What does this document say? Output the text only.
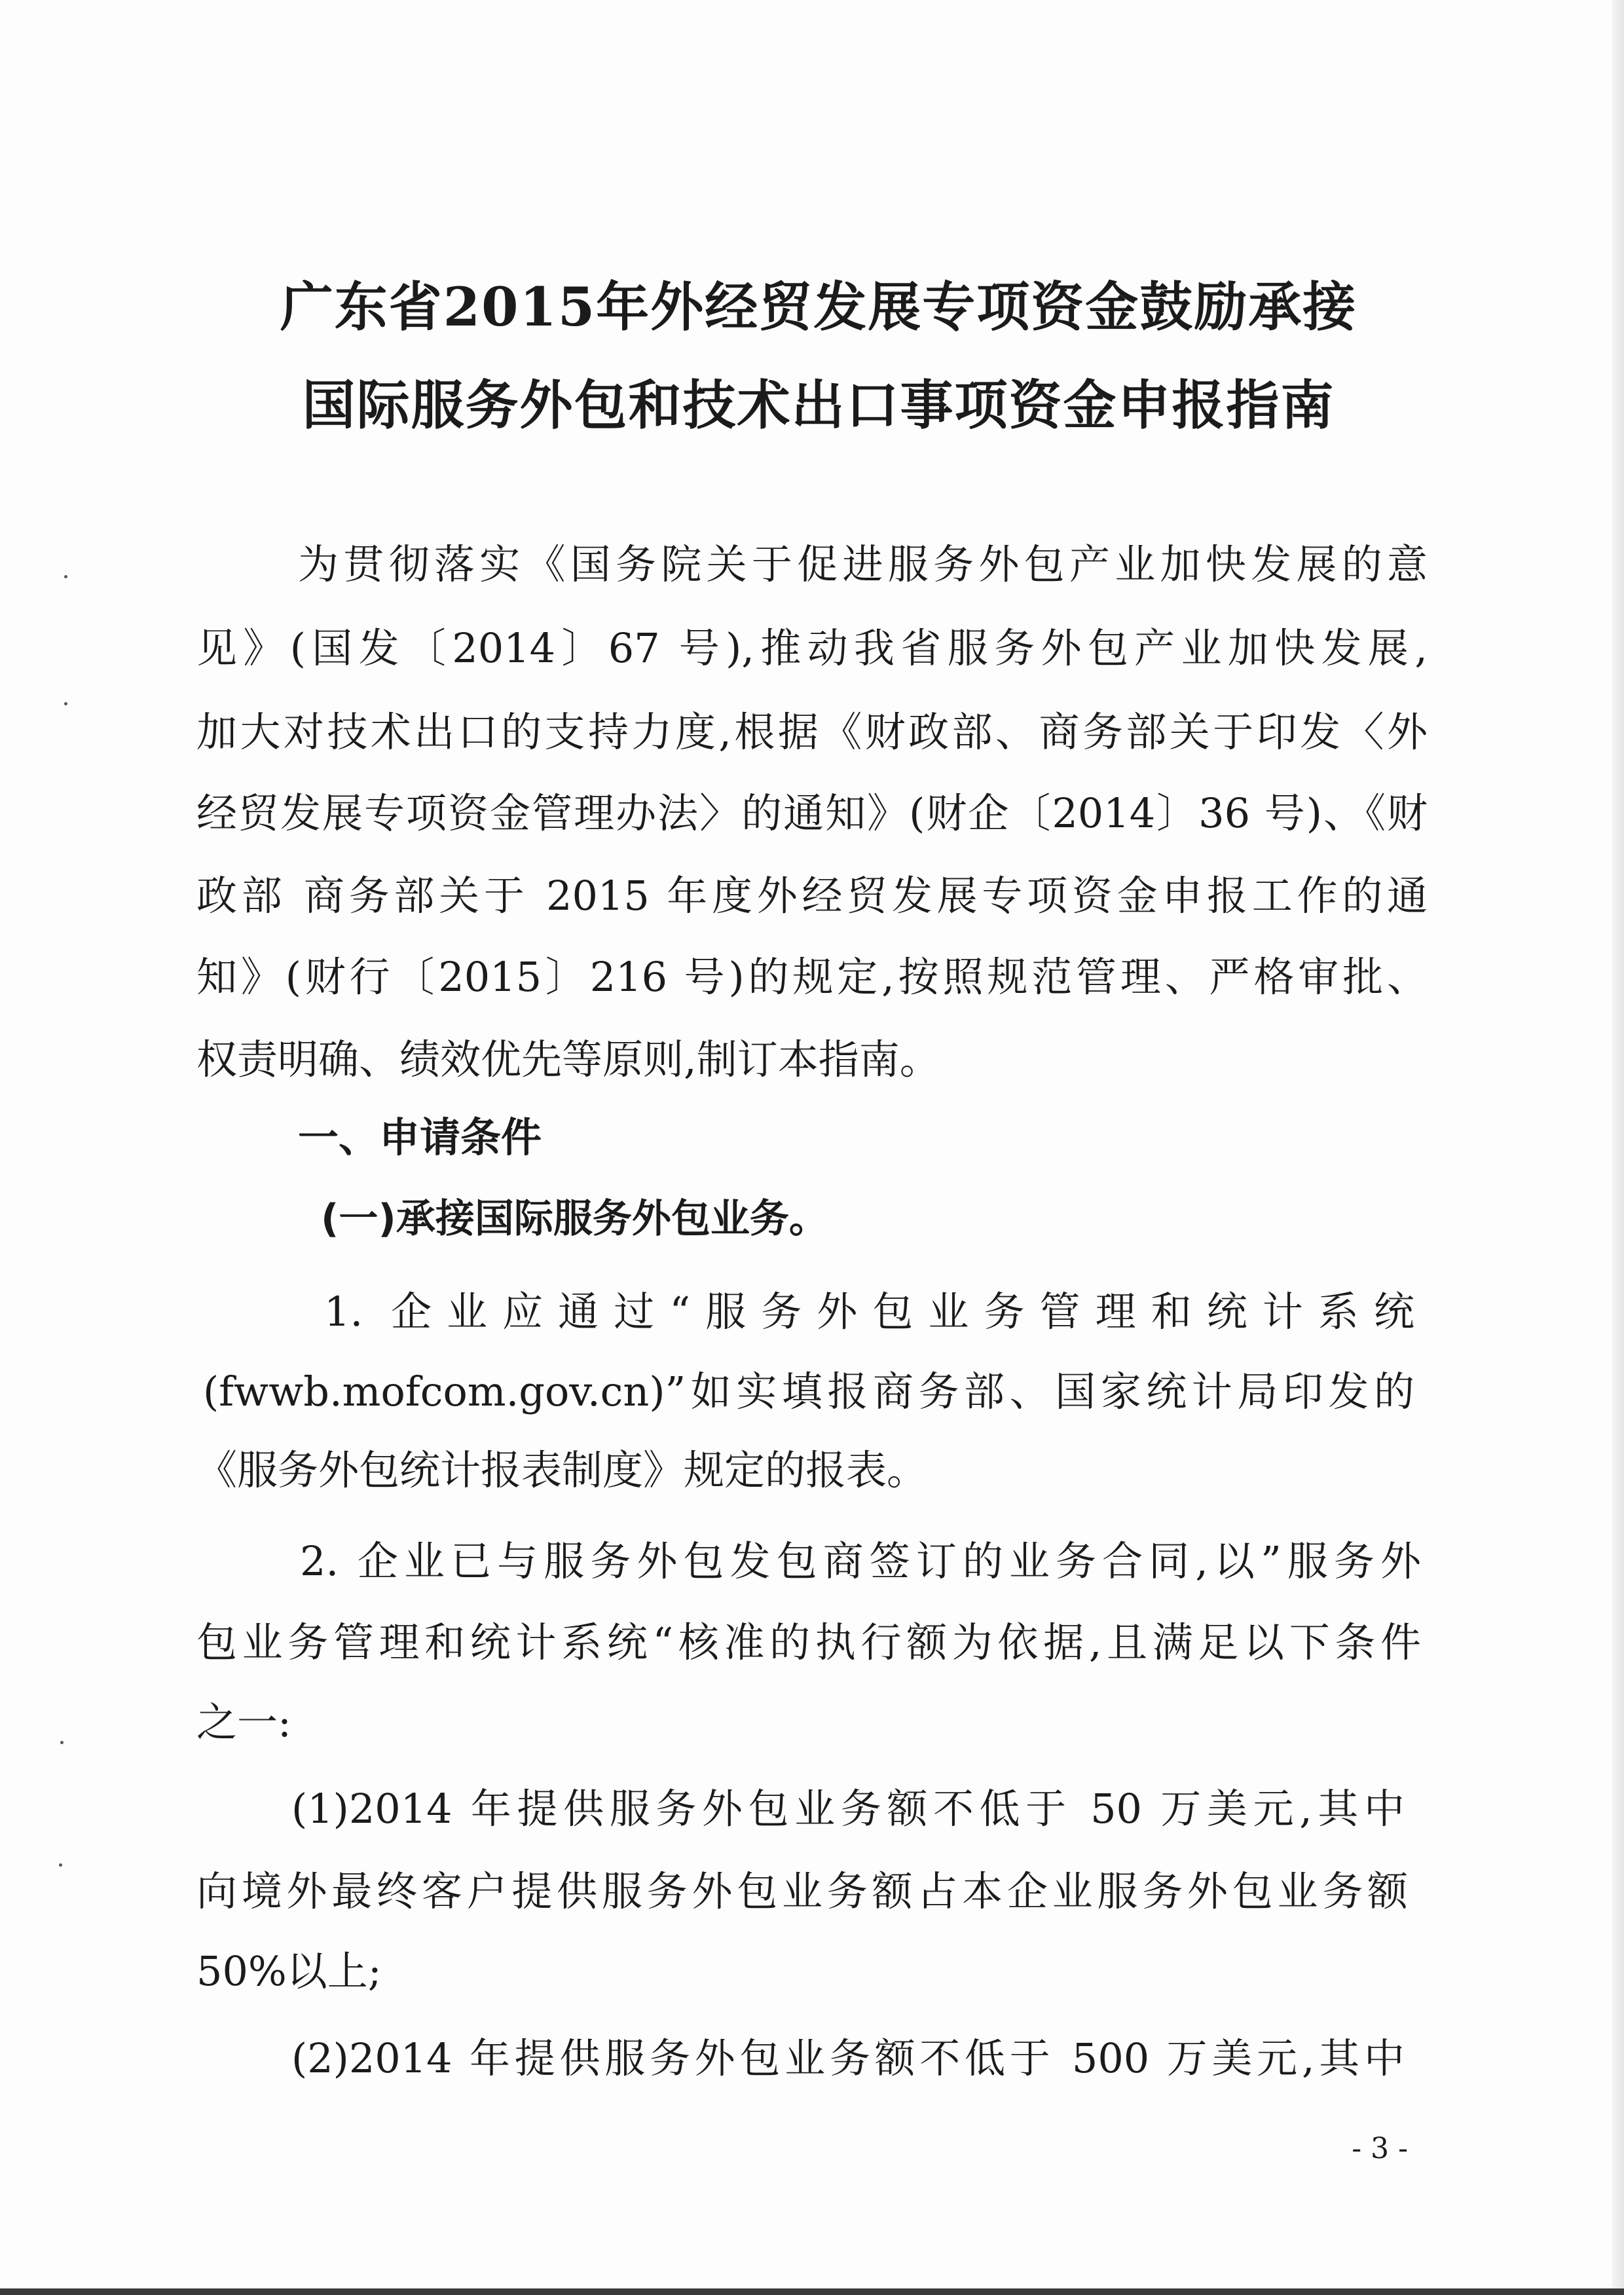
广东省2015年外经贸发展专项资金鼓励承接
国际服务外包和技术出口事项资金申报指南
为贯彻落实《国务院关于促进服务外包产业加快发展的意
见》(国发〔2014〕67 号),推动我省服务外包产业加快发展,
加大对技术出口的支持力度,根据《财政部、商务部关于印发〈外
经贸发展专项资金管理办法〉的通知》(财企〔2014〕36 号)、《财
政部 商务部关于 2015 年度外经贸发展专项资金申报工作的通
知》(财行〔2015〕216 号)的规定,按照规范管理、严格审批、
权责明确、绩效优先等原则,制订本指南。
一、申请条件
(一)承接国际服务外包业务。
1. 企业应通过“服务外包业务管理和统计系统
(fwwb.mofcom.gov.cn)”如实填报商务部、国家统计局印发的
《服务外包统计报表制度》规定的报表。
2. 企业已与服务外包发包商签订的业务合同,以”服务外
包业务管理和统计系统“核准的执行额为依据,且满足以下条件
之一:
(1)2014 年提供服务外包业务额不低于 50 万美元,其中
向境外最终客户提供服务外包业务额占本企业服务外包业务额
50%以上;
(2)2014 年提供服务外包业务额不低于 500 万美元,其中
- 3 -
